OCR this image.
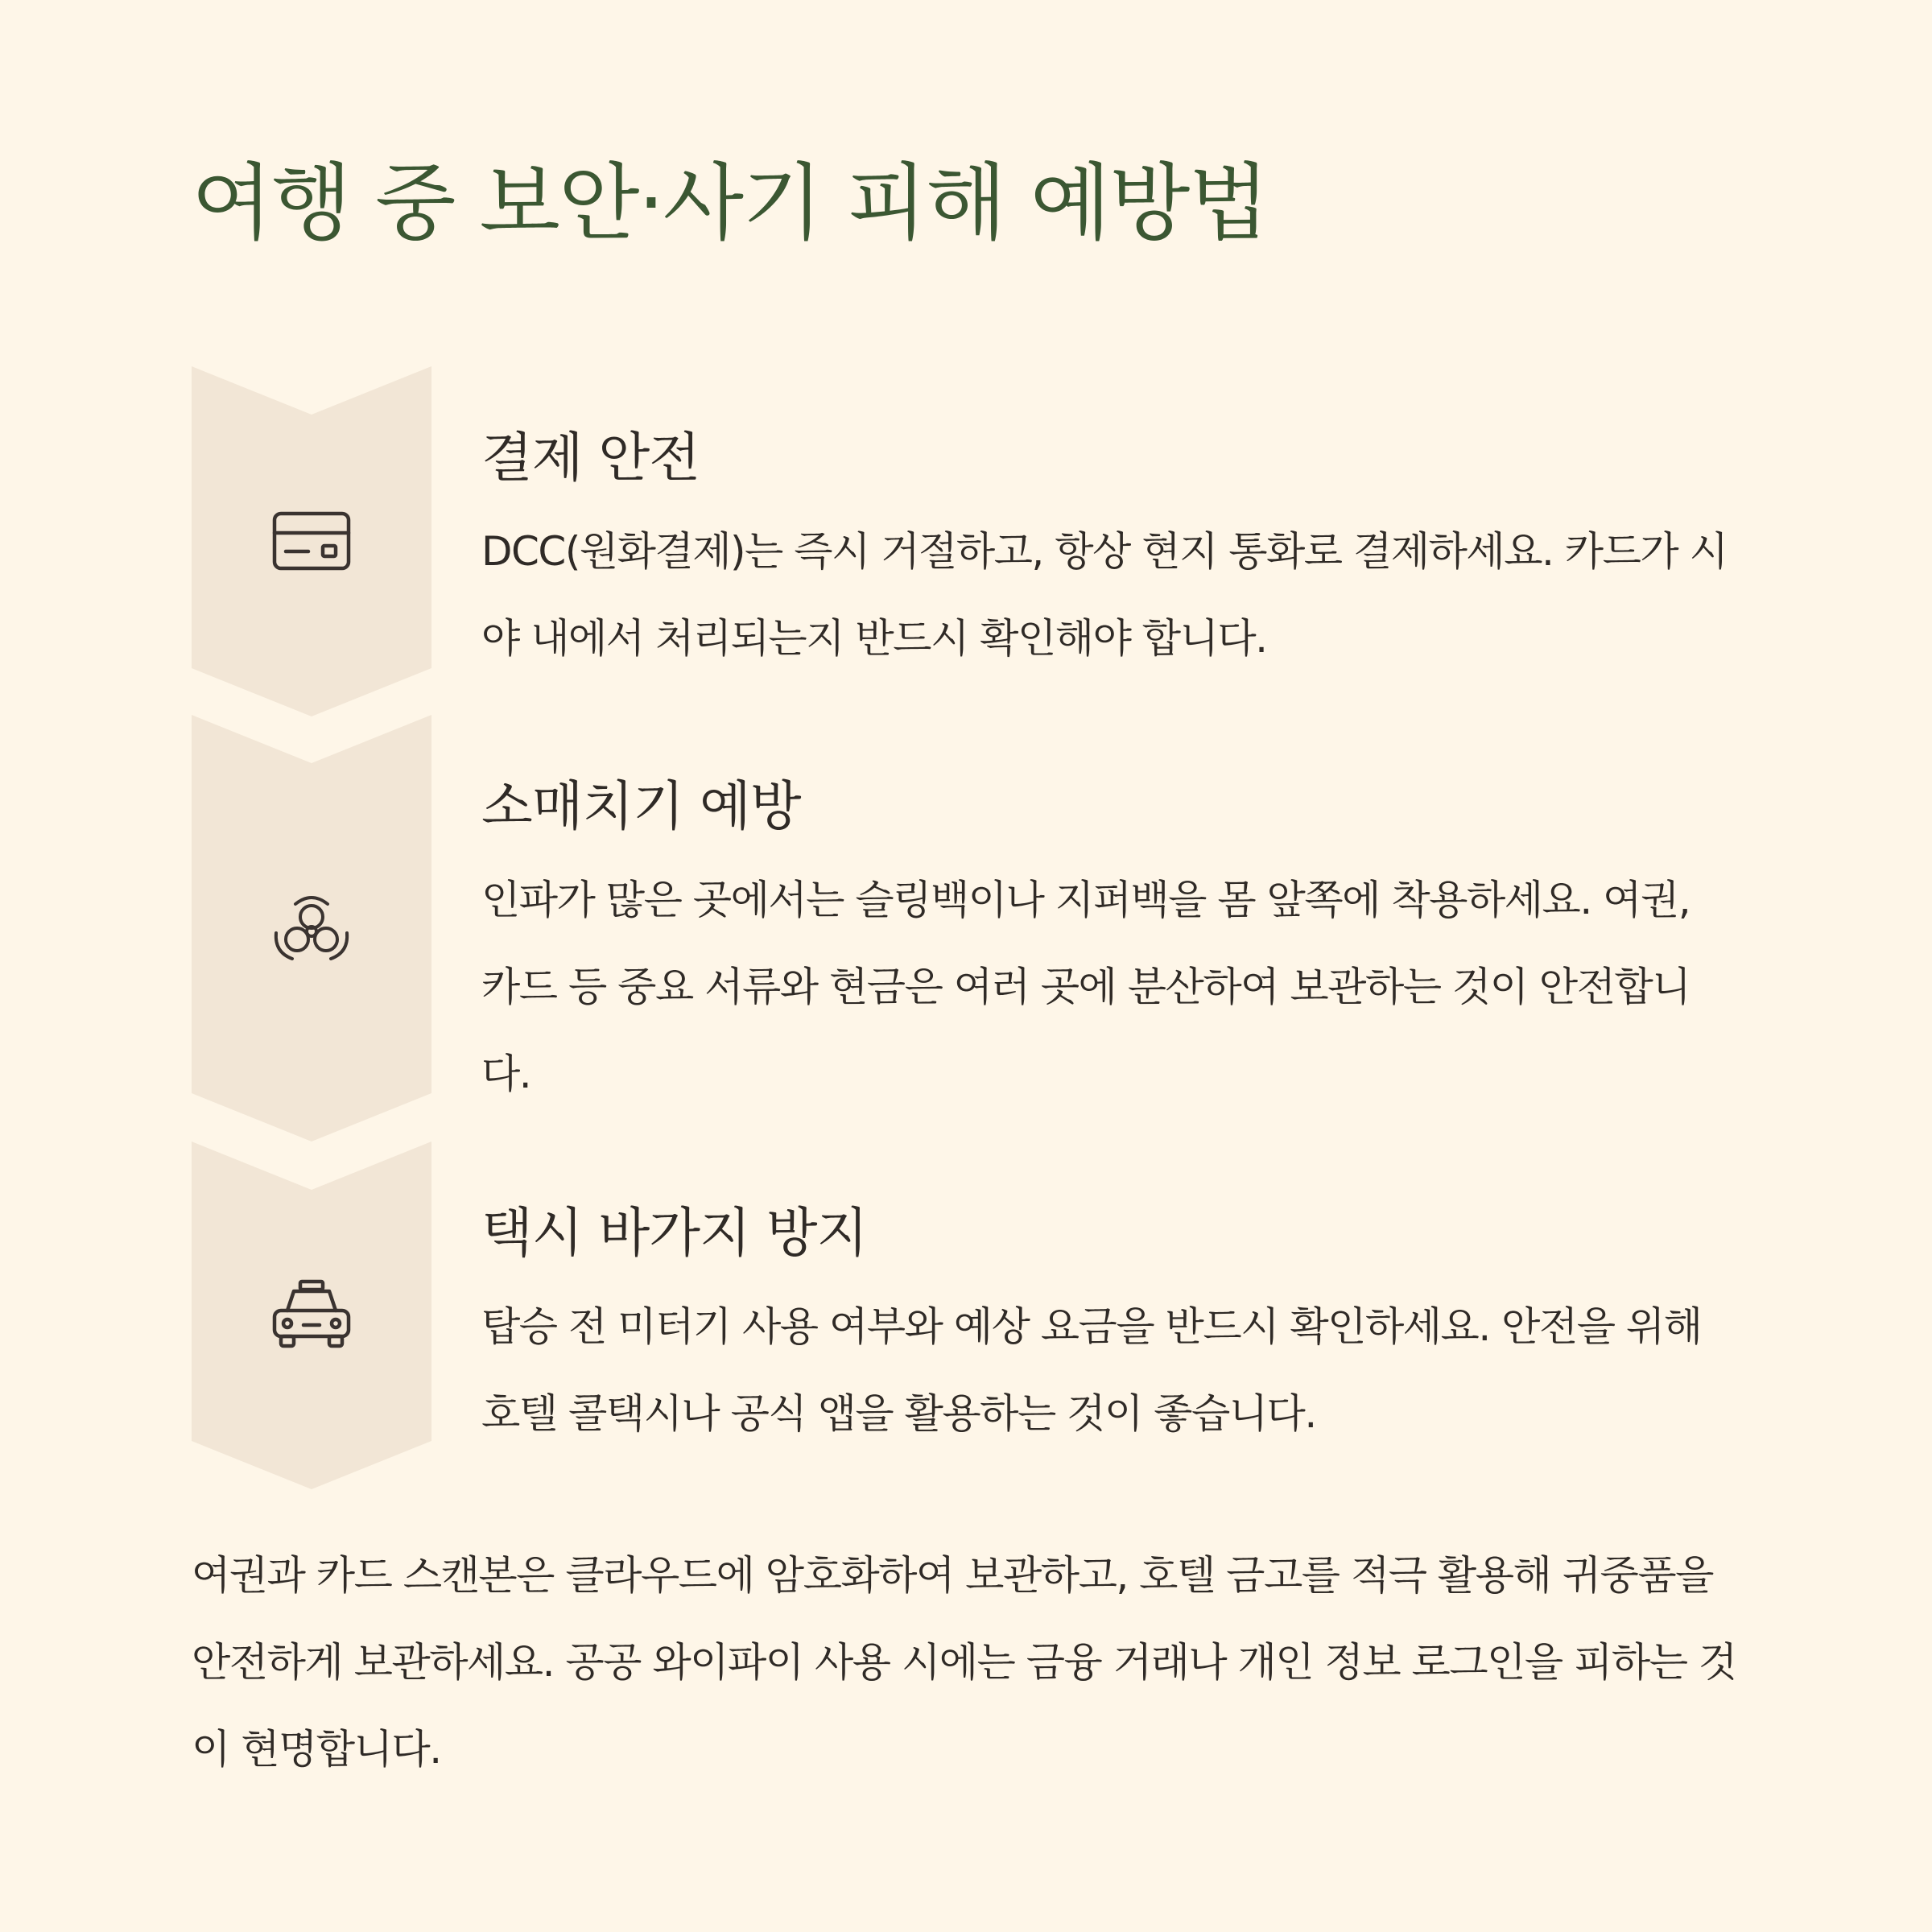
여행 중 보안·사기 피해 예방법
결제 안전

DCC(원화결제)는 즉시 거절하고, 항상 현지 통화로 결제하세요. 카드가 시야 내에서 처리되는지 반드시 확인해야 합니다.

소매치기 예방

인파가 많은 곳에서는 슬링백이나 지퍼백을 몸 앞쪽에 착용하세요. 여권, 카드 등 중요 서류와 현금은 여러 곳에 분산하여 보관하는 것이 안전합니다.

택시 바가지 방지

탑승 전 미터기 사용 여부와 예상 요금을 반드시 확인하세요. 안전을 위해 호텔 콜택시나 공식 앱을 활용하는 것이 좋습니다.

여권과 카드 스캔본은 클라우드에 암호화하여 보관하고, 호텔 금고를 적극 활용해 귀중품을 안전하게 보관하세요. 공공 와이파이 사용 시에는 금융 거래나 개인 정보 로그인을 피하는 것이 현명합니다.
